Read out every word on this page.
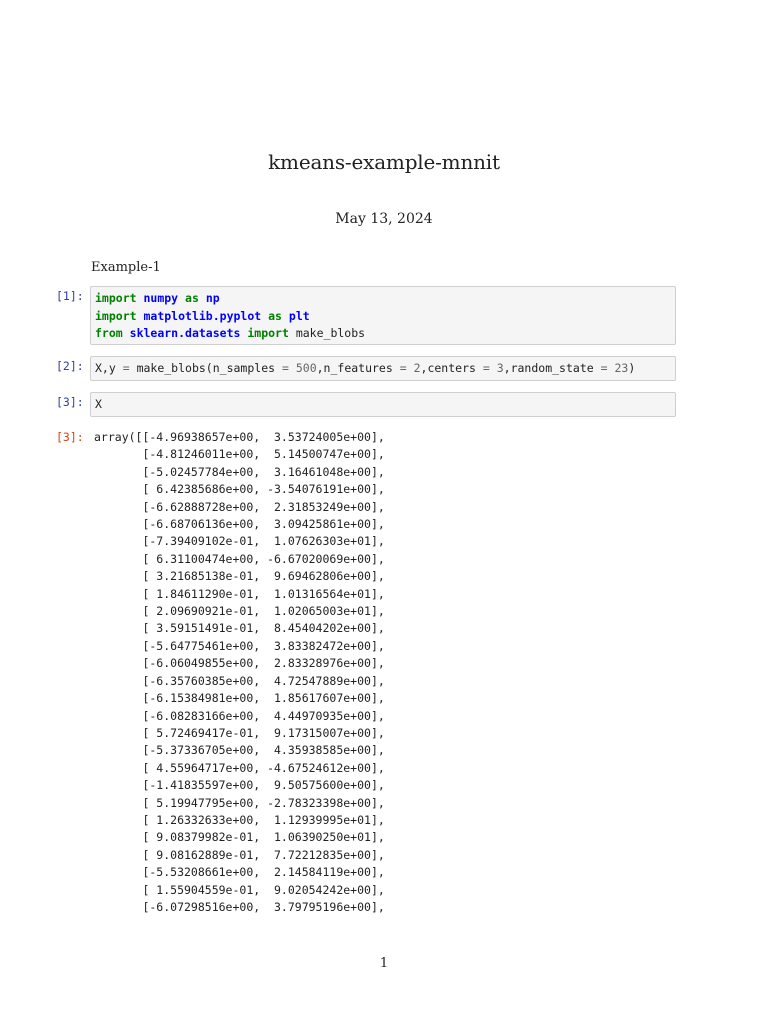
kmeans-example-mnnit
May 13, 2024
Example-1
[1]: import numpy as np
import matplotlib.pyplot as plt
from sklearn.datasets import make_blobs
[2]: X,y = make_blobs(n_samples = 500,n_features = 2,centers = 3,random_state = 23)
[3]: X
[3]: array([[-4.96938657e+00,  3.53724005e+00],
[-4.81246011e+00,  5.14500747e+00],
[-5.02457784e+00,  3.16461048e+00],
[ 6.42385686e+00, -3.54076191e+00],
[-6.62888728e+00,  2.31853249e+00],
[-6.68706136e+00,  3.09425861e+00],
[-7.39409102e-01,  1.07626303e+01],
[ 6.31100474e+00, -6.67020069e+00],
[ 3.21685138e-01,  9.69462806e+00],
[ 1.84611290e-01,  1.01316564e+01],
[ 2.09690921e-01,  1.02065003e+01],
[ 3.59151491e-01,  8.45404202e+00],
[-5.64775461e+00,  3.83382472e+00],
[-6.06049855e+00,  2.83328976e+00],
[-6.35760385e+00,  4.72547889e+00],
[-6.15384981e+00,  1.85617607e+00],
[-6.08283166e+00,  4.44970935e+00],
[ 5.72469417e-01,  9.17315007e+00],
[-5.37336705e+00,  4.35938585e+00],
[ 4.55964717e+00, -4.67524612e+00],
[-1.41835597e+00,  9.50575600e+00],
[ 5.19947795e+00, -2.78323398e+00],
[ 1.26332633e+00,  1.12939995e+01],
[ 9.08379982e-01,  1.06390250e+01],
[ 9.08162889e-01,  7.72212835e+00],
[-5.53208661e+00,  2.14584119e+00],
[ 1.55904559e-01,  9.02054242e+00],
[-6.07298516e+00,  3.79795196e+00],
1
